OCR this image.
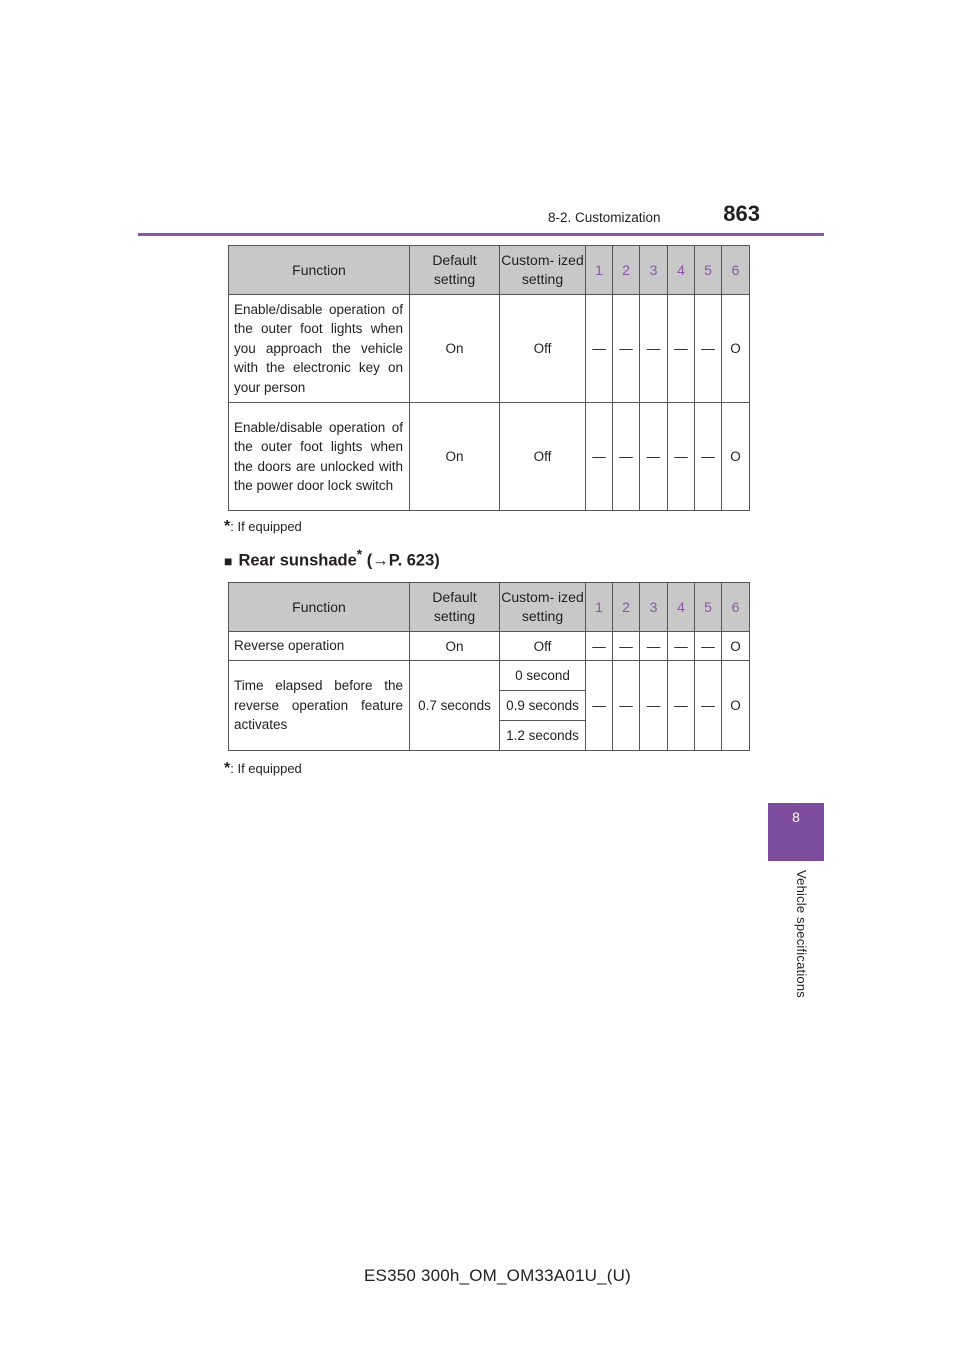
8-2. Customization	863
8
Vehicle specifications
Function	Default setting	Custom- ized setting	1	2	3	4	5	6
Enable/disable operation of the outer foot lights when you approach the vehicle with the electronic key on your person	On	Off	—	—	—	—	—	O
Enable/disable operation of the outer foot lights when the doors are unlocked with the power door lock switch	On	Off	—	—	—	—	—	O
*: If equipped
■ Rear sunshade* (→P. 623)
Function	Default setting	Custom- ized setting	1	2	3	4	5	6
Reverse operation	On	Off	—	—	—	—	—	O
Time elapsed before the reverse operation feature activates	0.7 seconds	0 second	—	—	—	—	—	O
		0.9 seconds						
		1.2 seconds						
*: If equipped
ES350 300h_OM_OM33A01U_(U)
